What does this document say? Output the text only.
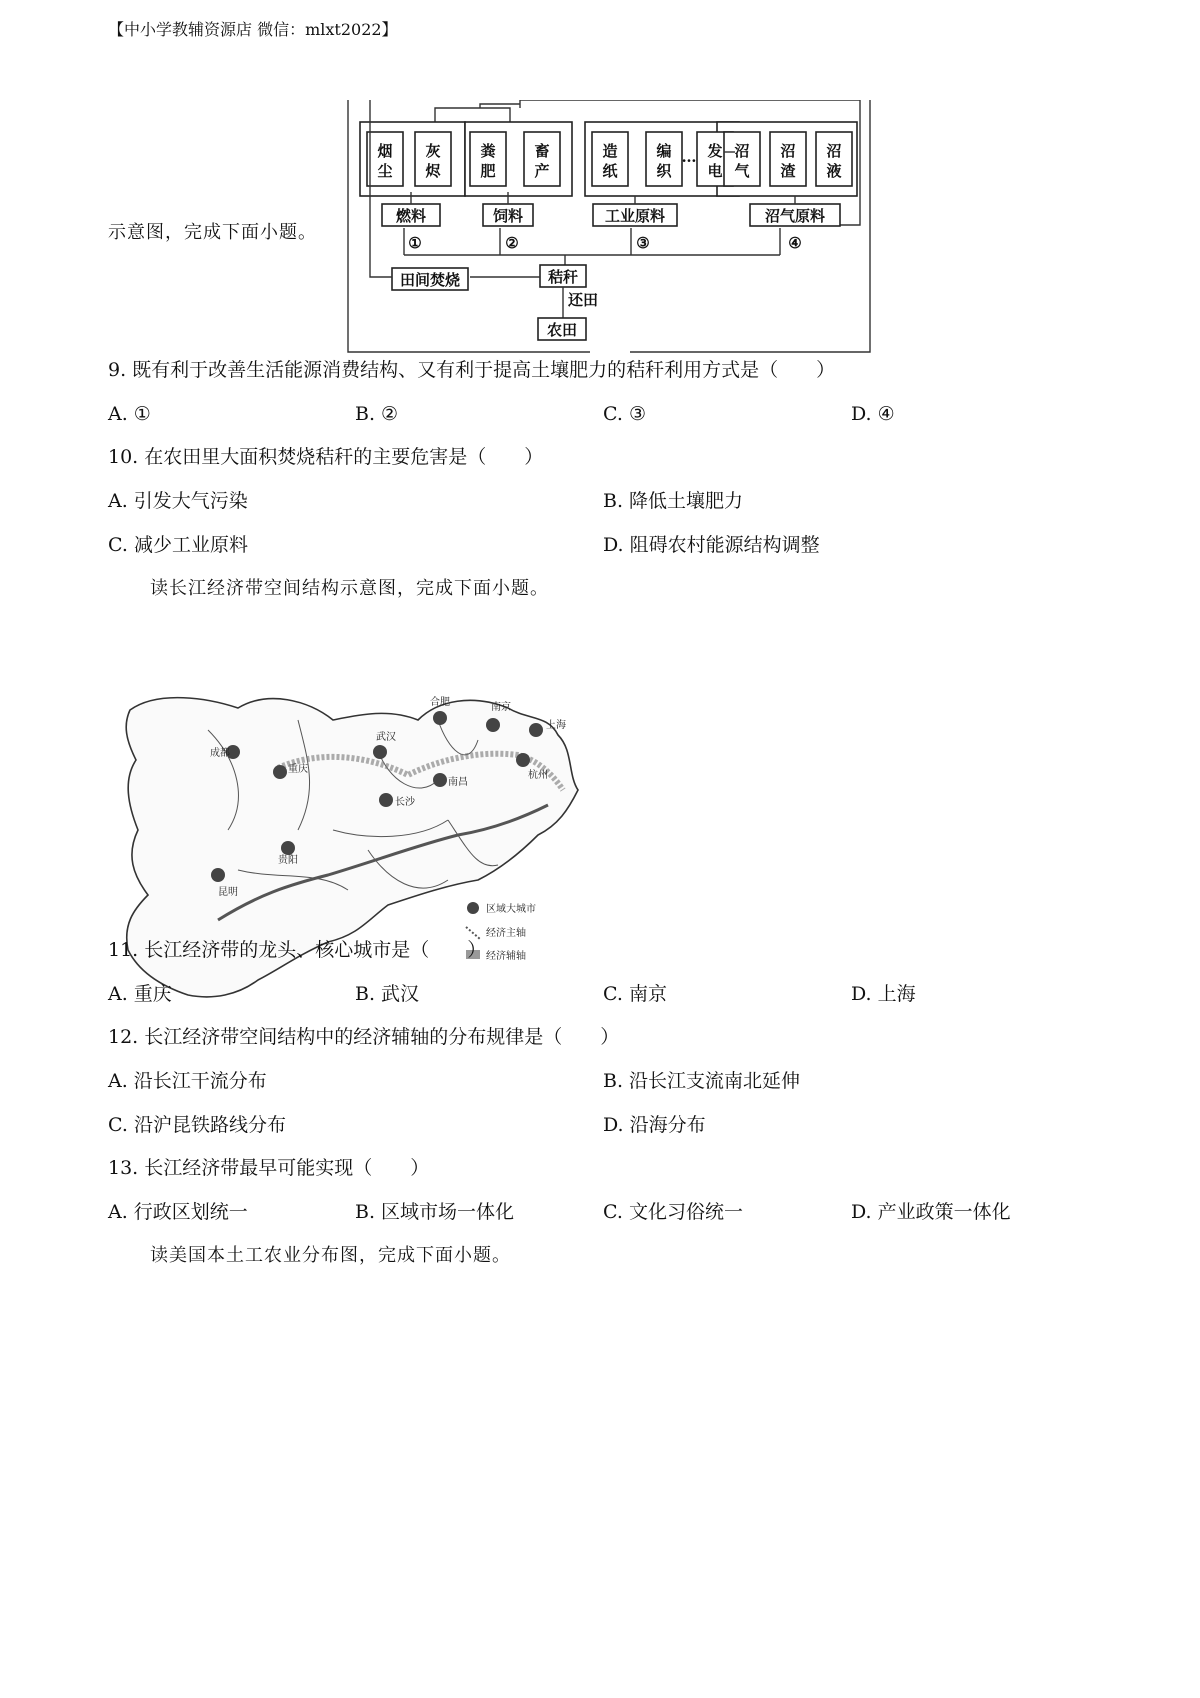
【中小学教辅资源店 微信：mlxt2022】
烟
尘
灰
烬
粪
肥
畜
产
造
纸
编
织
… 发
电
沼
气
沼
渣
沼
液
燃料	饲料	工业原料	沼气原料
①	②	③	④
秸秆
田间焚烧
还田
农田
示意图，完成下面小题。
9. 既有利于改善生活能源消费结构、又有利于提高土壤肥力的秸秆利用方式是（　　）
A. ①	B. ②	C. ③	D. ④
10. 在农田里大面积焚烧秸秆的主要危害是（　　）
A. 引发大气污染	B. 降低土壤肥力
C. 减少工业原料	D. 阻碍农村能源结构调整
读长江经济带空间结构示意图，完成下面小题。
成都
重庆
贵阳
昆明
武汉
长沙
南昌
合肥	南京
杭州
上海
区域大城市
经济主轴
经济辅轴
11. 长江经济带的龙头、核心城市是（　　）
A. 重庆	B. 武汉	C. 南京	D. 上海
12. 长江经济带空间结构中的经济辅轴的分布规律是（　　）
A. 沿长江干流分布	B. 沿长江支流南北延伸
C. 沿沪昆铁路线分布	D. 沿海分布
13. 长江经济带最早可能实现（　　）
A. 行政区划统一	B. 区域市场一体化	C. 文化习俗统一	D. 产业政策一体化
读美国本土工农业分布图，完成下面小题。
